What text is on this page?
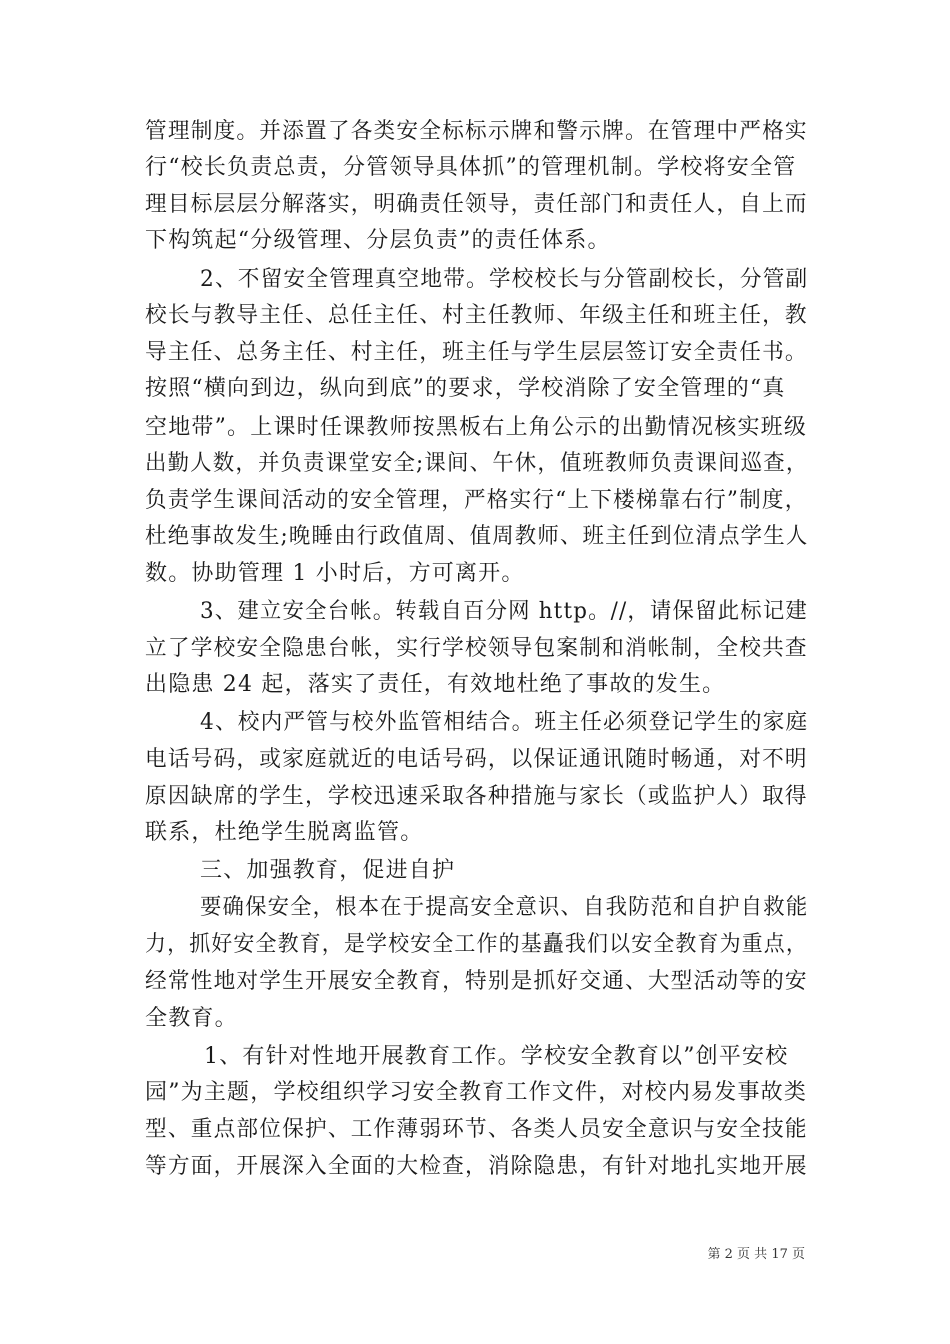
管理制度。并添置了各类安全标标示牌和警示牌。在管理中严格实
行“校长负责总责，分管领导具体抓”的管理机制。学校将安全管
理目标层层分解落实，明确责任领导，责任部门和责任人，自上而
下构筑起“分级管理、分层负责”的责任体系。
2、不留安全管理真空地带。学校校长与分管副校长，分管副
校长与教导主任、总任主任、村主任教师、年级主任和班主任，教
导主任、总务主任、村主任，班主任与学生层层签订安全责任书。
按照“横向到边，纵向到底”的要求，学校消除了安全管理的“真
空地带”。上课时任课教师按黑板右上角公示的出勤情况核实班级
出勤人数，并负责课堂安全;课间、午休，值班教师负责课间巡查，
负责学生课间活动的安全管理，严格实行“上下楼梯靠右行”制度，
杜绝事故发生;晚睡由行政值周、值周教师、班主任到位清点学生人
数。协助管理 1 小时后，方可离开。
3、建立安全台帐。转载自百分网 http。//，请保留此标记建
立了学校安全隐患台帐，实行学校领导包案制和消帐制，全校共查
出隐患 24 起，落实了责任，有效地杜绝了事故的发生。
4、校内严管与校外监管相结合。班主任必须登记学生的家庭
电话号码，或家庭就近的电话号码，以保证通讯随时畅通，对不明
原因缺席的学生，学校迅速采取各种措施与家长（或监护人）取得
联系，杜绝学生脱离监管。
三、加强教育，促进自护
要确保安全，根本在于提高安全意识、自我防范和自护自救能
力，抓好安全教育，是学校安全工作的基矗我们以安全教育为重点，
经常性地对学生开展安全教育，特别是抓好交通、大型活动等的安
全教育。
1、有针对性地开展教育工作。学校安全教育以”创平安校
园”为主题，学校组织学习安全教育工作文件，对校内易发事故类
型、重点部位保护、工作薄弱环节、各类人员安全意识与安全技能
等方面，开展深入全面的大检查，消除隐患，有针对地扎实地开展
第 2 页 共 17 页
